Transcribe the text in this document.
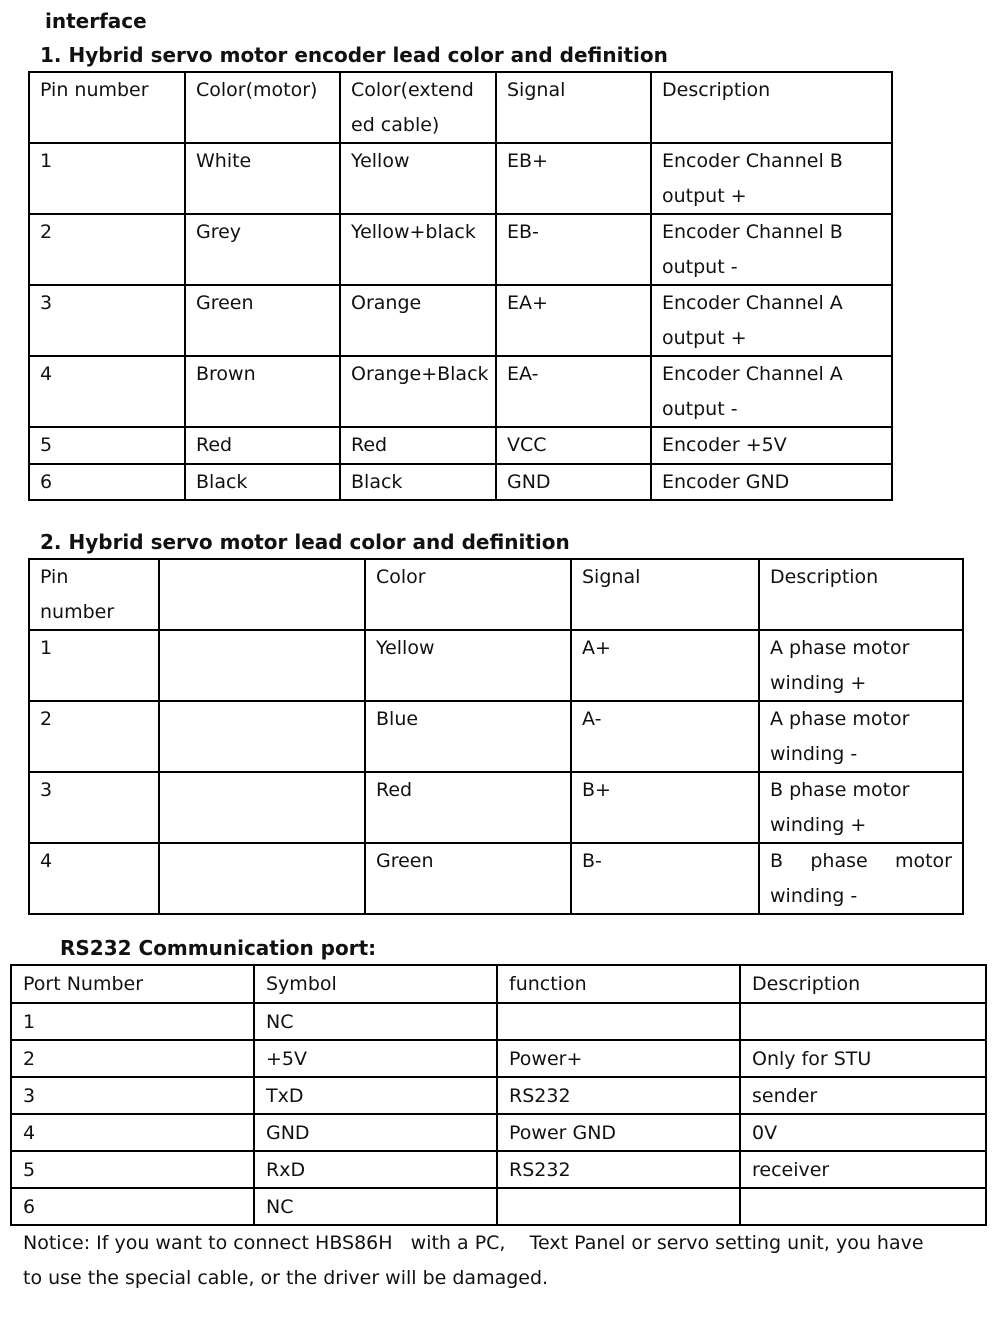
interface
1. Hybrid servo motor encoder lead color and definition
Pin number	Color(motor)	Color(extend
ed cable)	Signal	Description
1	White	Yellow	EB+	Encoder Channel B
output +
2	Grey	Yellow+black	EB-	Encoder Channel B
output -
3	Green	Orange	EA+	Encoder Channel A
output +
4	Brown	Orange+Black	EA-	Encoder Channel A
output -
5	Red	Red	VCC	Encoder +5V
6	Black	Black	GND	Encoder GND
2. Hybrid servo motor lead color and definition
Pin
number		Color	Signal	Description
1		Yellow	A+	A phase motor
winding +
2		Blue	A-	A phase motor
winding -
3		Red	B+	B phase motor
winding +
4		Green	B-	B phase motor
winding -
RS232 Communication port:
Port Number	Symbol	function	Description
1	NC		
2	+5V	Power+	Only for STU
3	TxD	RS232	sender
4	GND	Power GND	0V
5	RxD	RS232	receiver
6	NC		

Notice: If you want to connect HBS86H   with a PC,    Text Panel or servo setting unit, you have

to use the special cable, or the driver will be damaged.
